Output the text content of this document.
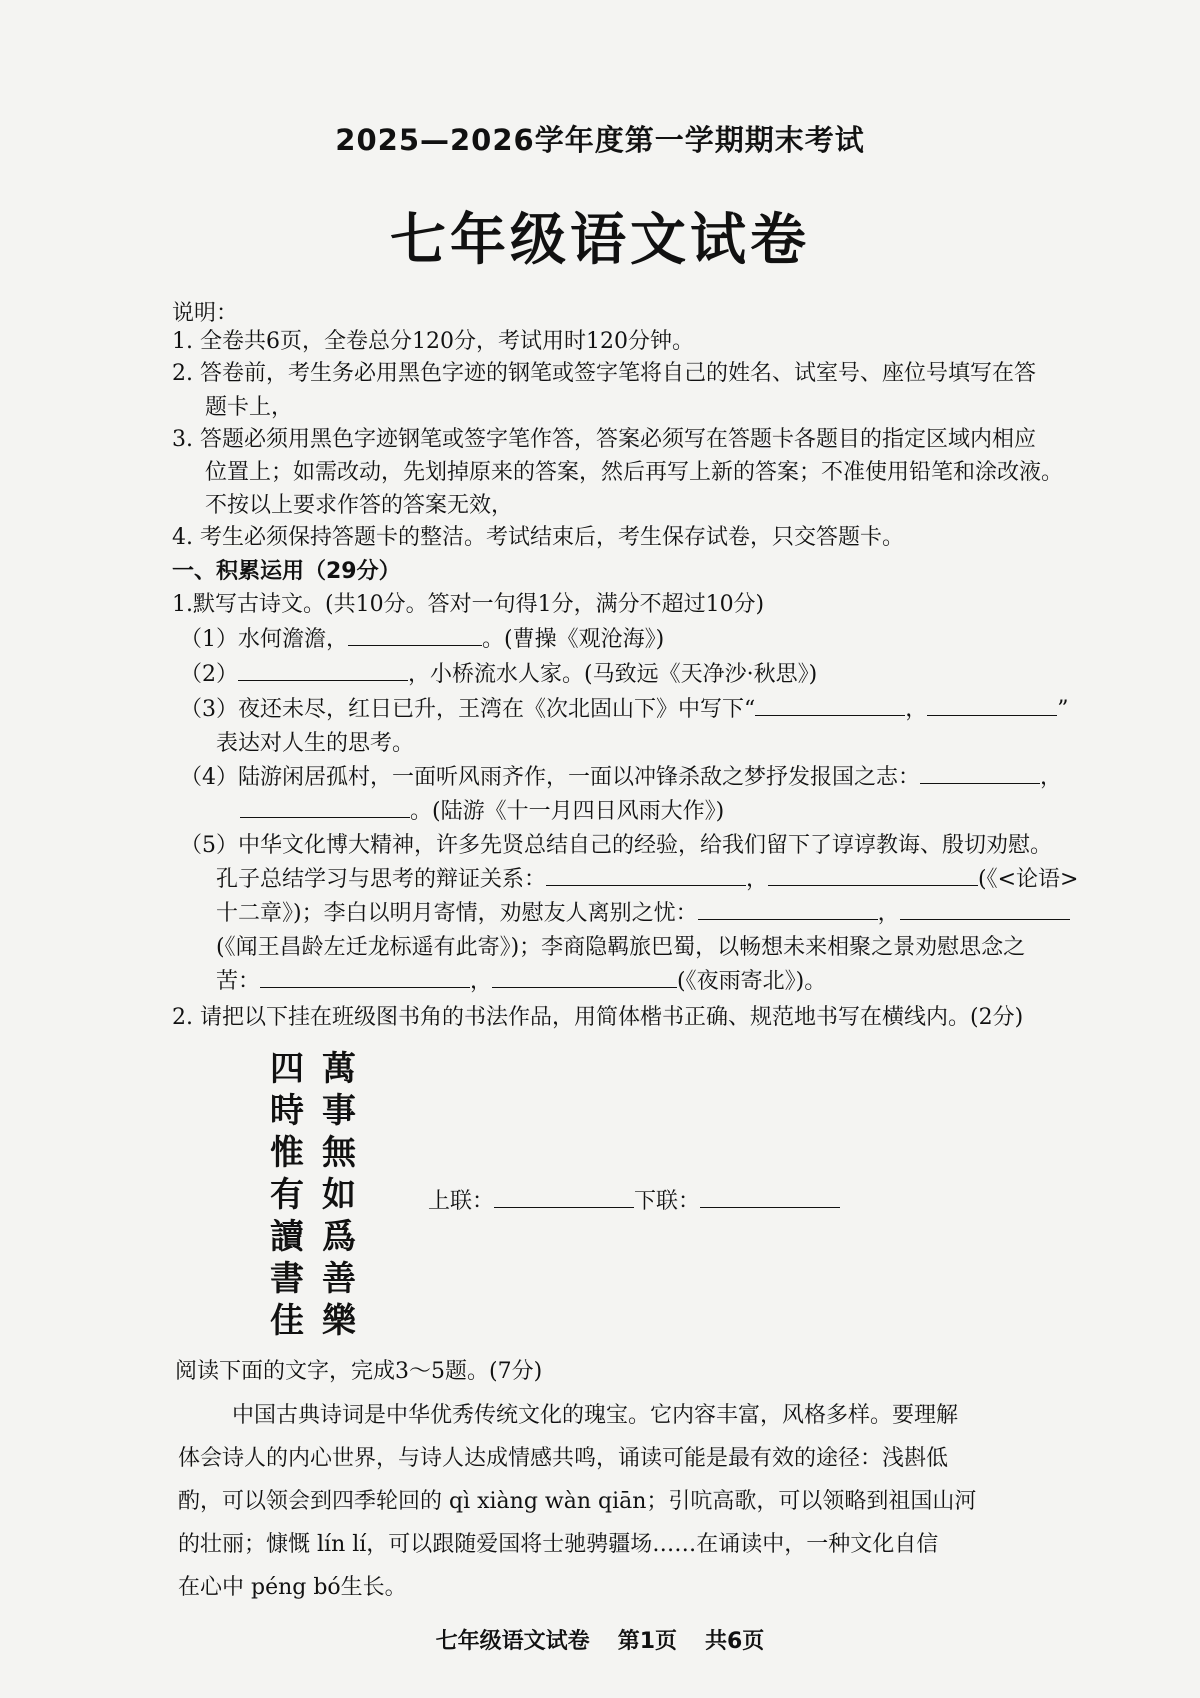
2025—2026学年度第一学期期末考试
七年级语文试卷
说明：
1. 全卷共6页，全卷总分120分，考试用时120分钟。
2. 答卷前，考生务必用黑色字迹的钢笔或签字笔将自己的姓名、试室号、座位号填写在答
题卡上，
3. 答题必须用黑色字迹钢笔或签字笔作答，答案必须写在答题卡各题目的指定区域内相应
位置上；如需改动，先划掉原来的答案，然后再写上新的答案；不准使用铅笔和涂改液。
不按以上要求作答的答案无效，
4. 考生必须保持答题卡的整洁。考试结束后，考生保存试卷，只交答题卡。
一、积累运用（29分）
1.默写古诗文。(共10分。答对一句得1分，满分不超过10分)
（1）水何澹澹，	。(曹操《观沧海》)
（2）	，小桥流水人家。(马致远《天净沙·秋思》)
（3）夜还未尽，红日已升，王湾在《次北固山下》中写下“	，	”
表达对人生的思考。
（4）陆游闲居孤村，一面听风雨齐作，一面以冲锋杀敌之梦抒发报国之志：	，
。(陆游《十一月四日风雨大作》)
（5）中华文化博大精神，许多先贤总结自己的经验，给我们留下了谆谆教诲、殷切劝慰。
孔子总结学习与思考的辩证关系：	，	(《<论语>
十二章》)；李白以明月寄情，劝慰友人离别之忧：	，
(《闻王昌龄左迁龙标遥有此寄》)；李商隐羁旅巴蜀，以畅想未来相聚之景劝慰思念之
苦：	，	(《夜雨寄北》)。
2. 请把以下挂在班级图书角的书法作品，用简体楷书正确、规范地书写在横线内。(2分)
萬
事
無
如
爲
善
樂
四
時
惟
有
讀
書
佳
上联：	下联：
阅读下面的文字，完成3～5题。(7分)
中国古典诗词是中华优秀传统文化的瑰宝。它内容丰富，风格多样。要理解
体会诗人的内心世界，与诗人达成情感共鸣，诵读可能是最有效的途径：浅斟低
酌，可以领会到四季轮回的 qì xiàng wàn qiān；引吭高歌，可以领略到祖国山河
的壮丽；慷慨 lín lí，可以跟随爱国将士驰骋疆场……在诵读中，一种文化自信
在心中 péng bó生长。
七年级语文试卷 第1页 共6页
